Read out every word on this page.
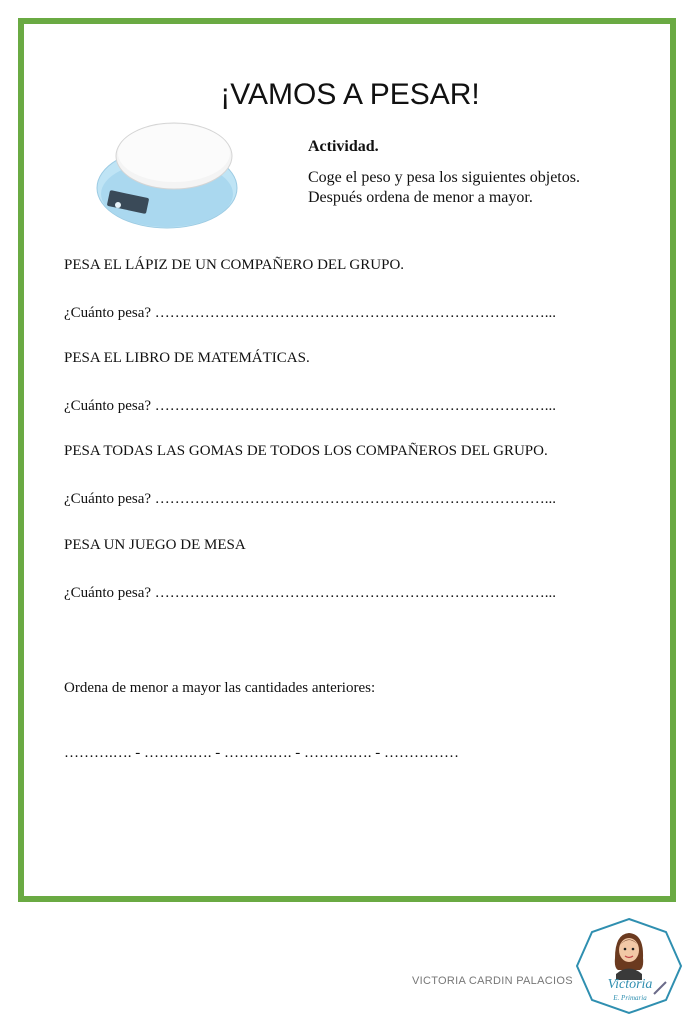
¡VAMOS A PESAR!

Actividad.

Coge el peso y pesa los siguientes objetos.

Después ordena de menor a mayor.

PESA EL LÁPIZ DE UN COMPAÑERO DEL GRUPO.
¿Cuánto pesa? ……………………………………………………………………...
PESA EL LIBRO DE MATEMÁTICAS.
¿Cuánto pesa? ……………………………………………………………………...
PESA TODAS LAS GOMAS DE TODOS LOS COMPAÑEROS DEL GRUPO.
¿Cuánto pesa? ……………………………………………………………………...
PESA UN JUEGO DE MESA
¿Cuánto pesa? ……………………………………………………………………...
Ordena de menor a mayor las cantidades anteriores:
……….…. - ……….…. - ……….…. - ……….…. - ……………
VICTORIA CARDIN PALACIOS Victoria
E. Primaria
